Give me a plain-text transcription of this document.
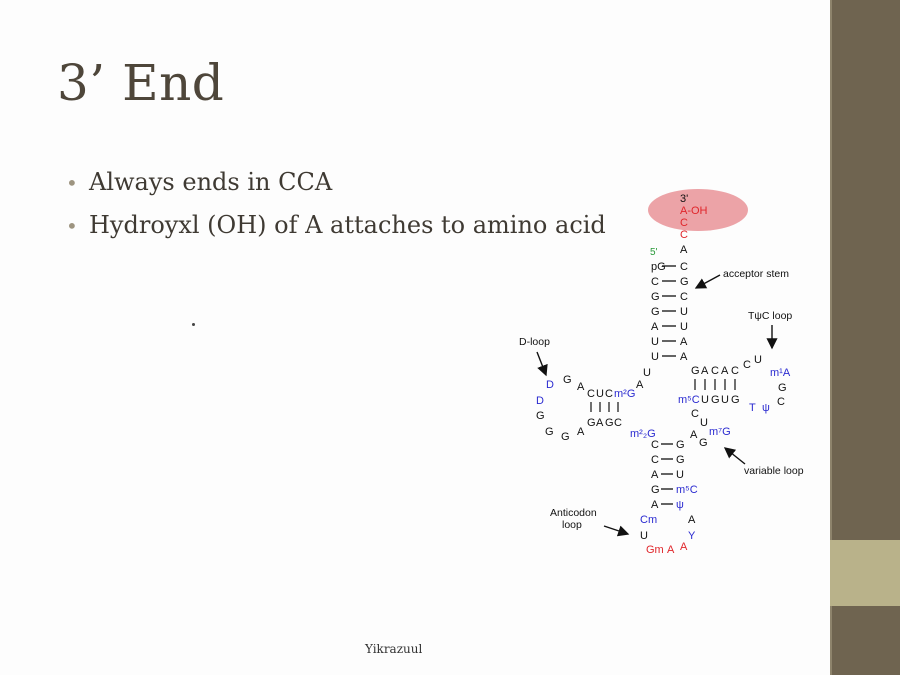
3’ End
• Always ends in CCA
• Hydroyxl (OH) of A attaches to amino acid
3'
A-OH
C
C
A
5'
pG
C
G
G
A
U
U
C
G
C
U
U
A
A
U
A
C U C m²G
G A G C
A
G
D
D
G
G G A
G A C A C
m⁵C U G U G
C U
m¹A
G
C
ψ
T
C
U
m⁷G
A
G
m²₂G
C
C
A
G
A
G
G
U
m⁵C
ψ
Cm
U
A
Y
Gm A A
acceptor stem
TψC loop
D-loop
variable loop
Anticodon
loop
Yikrazuul
